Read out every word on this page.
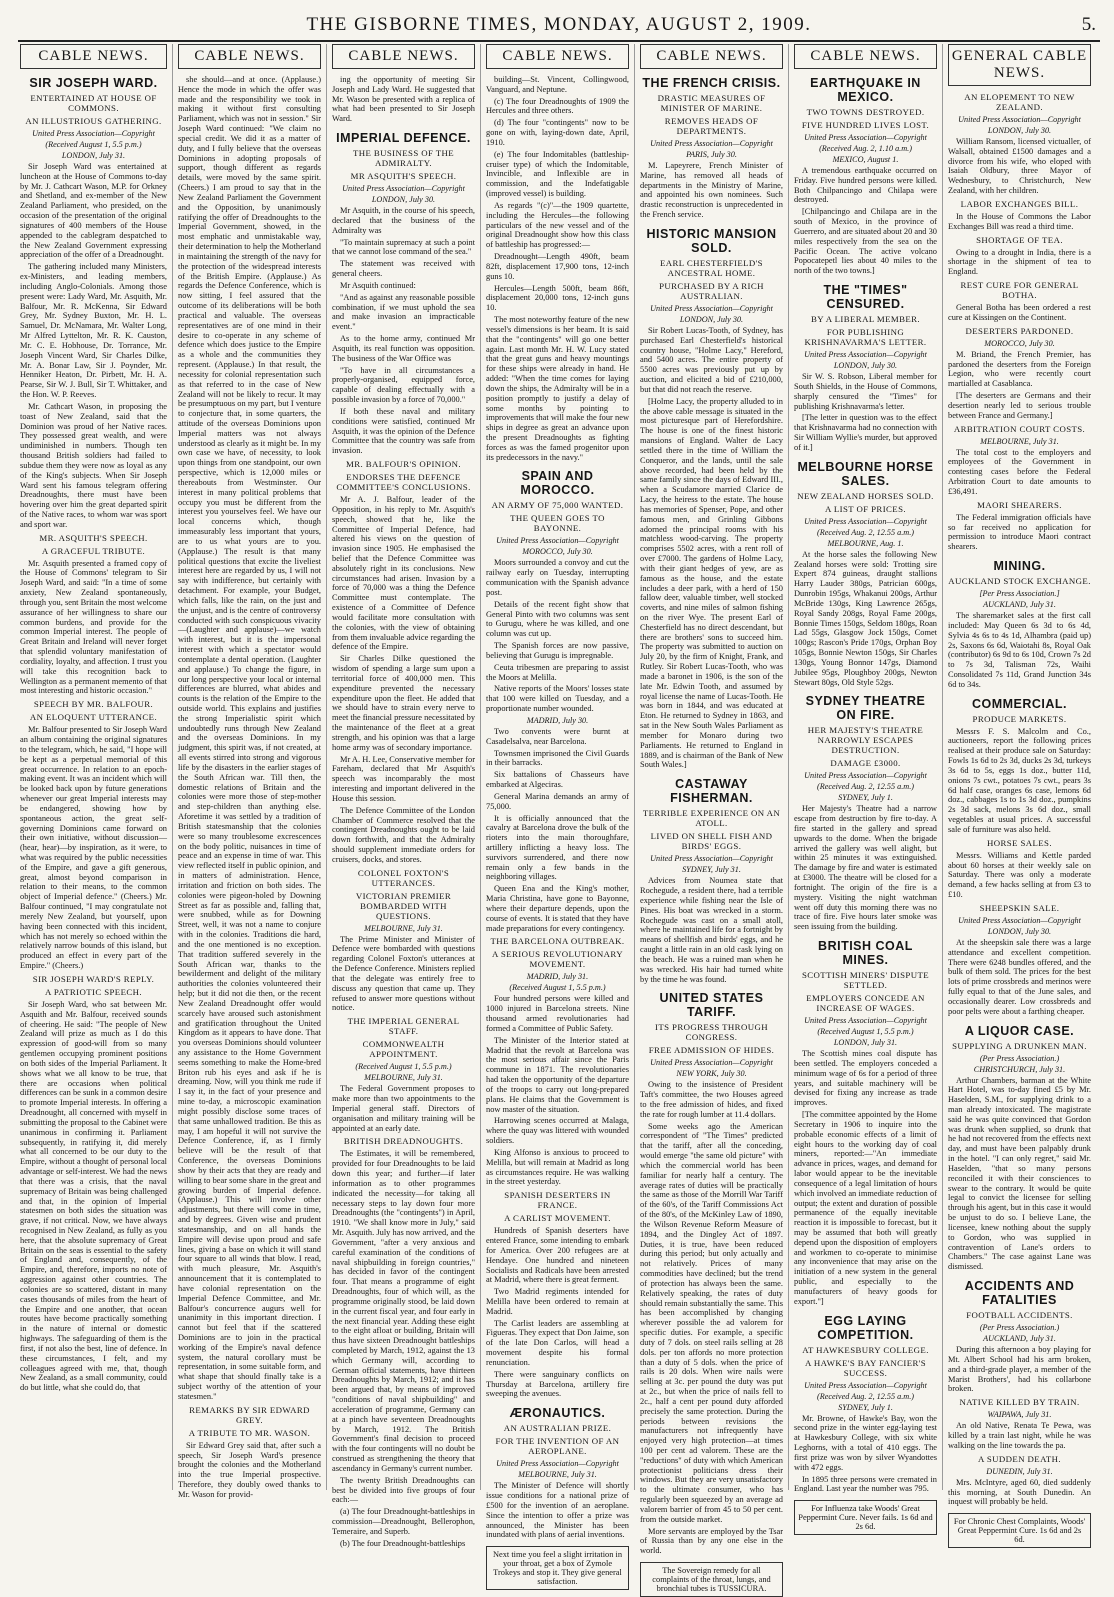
THE GISBORNE TIMES, MONDAY, AUGUST 2, 1909.	5.
CABLE NEWS.
SIR JOSEPH WARD.
ENTERTAINED AT HOUSE OF COMMONS.
AN ILLUSTRIOUS GATHERING.
United Press Association—Copyright
(Received August 1, 5.5 p.m.)
LONDON, July 31.

Sir Joseph Ward was entertained at luncheon at the House of Commons to-day by Mr. J. Cathcart Wason, M.P. for Orkney and Shetland, and ex-member of the New Zealand Parliament, who presided, on the occasion of the presentation of the original signatures of 400 members of the House appended to the cablegram despatched to the New Zealand Government expressing appreciation of the offer of a Dreadnought.

The gathering included many Ministers, ex-Ministers, and leading members, including Anglo-Colonials. Among those present were: Lady Ward, Mr. Asquith, Mr. Balfour, Mr. R. McKenna, Sir Edward Grey, Mr. Sydney Buxton, Mr. H. L. Samuel, Dr. McNamara, Mr. Walter Long, Mr Alfred Lyttelton, Mr. R. K. Causton, Mr. C. E. Hobhouse, Dr. Torrance, Mr. Joseph Vincent Ward, Sir Charles Dilke, Mr. A. Bonar Law, Sir J. Poynder, Mr. Henniker Heaton, Dr. Pirbett, Mr. H. A. Pearse, Sir W. J. Bull, Sir T. Whittaker, and the Hon. W. P. Reeves.

Mr. Cathcart Wason, in proposing the toast of New Zealand, said that the Dominion was proud of her Native races. They possessed great wealth, and were undiminished in numbers. Though ten thousand British soldiers had failed to subdue them they were now as loyal as any of the King's subjects. When Sir Joseph Ward sent his famous telegram offering Dreadnoughts, there must have been hovering over him the great departed spirit of the Native races, to whom war was sport and sport war.

MR. ASQUITH'S SPEECH.
A GRACEFUL TRIBUTE.

Mr. Asquith presented a framed copy of the House of Commons' telegram to Sir Joseph Ward, and said: "In a time of some anxiety, New Zealand spontaneously, through you, sent Britain the most welcome assurance of her willingness to share our common burdens, and provide for the common Imperial interest. The people of Great Britain and Ireland will never forget that splendid voluntary manifestation of cordiality, loyalty, and affection. I trust you will take this recognition back to Wellington as a permanent memento of that most interesting and historic occasion."

SPEECH BY MR. BALFOUR.
AN ELOQUENT UTTERANCE.

Mr. Balfour presented to Sir Joseph Ward an album containing the original signatures to the telegram, which, he said, "I hope will be kept as a perpetual memorial of this great occurrence. In relation to an epoch-making event. It was an incident which will be looked back upon by future generations whenever our great Imperial interests may be endangered, showing how by spontaneous action, the great self-governing Dominions came forward on their own initiative, without discussion—(hear, hear)—by inspiration, as it were, to what was required by the public necessities of the Empire, and gave a gift generous, great, almost beyond comparison in relation to their means, to the common object of Imperial defence." (Cheers.) Mr. Balfour continued, "I may congratulate not merely New Zealand, but yourself, upon having been connected with this incident, which has not merely so echoed within the relatively narrow bounds of this island, but produced an effect in every part of the Empire." (Cheers.)

SIR JOSEPH WARD'S REPLY.
A PATRIOTIC SPEECH.

Sir Joseph Ward, who sat between Mr. Asquith and Mr. Balfour, received sounds of cheering. He said: "The people of New Zealand will prize as much as I do this expression of good-will from so many gentlemen occupying prominent positions on both sides of the Imperial Parliament. It shows what we all know to be true, that there are occasions when political differences can be sunk in a common desire to promote Imperial interests. In offering a Dreadnought, all concerned with myself in submitting the proposal to the Cabinet were unanimous in confirming it. Parliament subsequently, in ratifying it, did merely what all concerned to be our duty to the Empire, without a thought of personal local advantage or self-interest. We had the news that there was a crisis, that the naval supremacy of Britain was being challenged and that, in the opinion of Imperial statesmen on both sides the situation was grave, if not critical. Now, we have always recognised in New Zealand, as fully as you here, that the absolute supremacy of Great Britain on the seas is essential to the safety of England and, consequently, of the Empire, and, therefore, imports no note of aggression against other countries. The colonies are so scattered, distant in many cases thousands of miles from the heart of the Empire and one another, that ocean routes have become practically something in the nature of internal or domestic highways. The safeguarding of them is the first, if not also the best, line of defence. In these circumstances, I felt, and my colleagues agreed with me, that, though New Zealand, as a small community, could do but little, what she could do, that

CABLE NEWS.

she should—and at once. (Applause.) Hence the mode in which the offer was made and the responsibility we took in making it without first consulting Parliament, which was not in session." Sir Joseph Ward continued: "We claim no special credit. We did it as a matter of duty, and I fully believe that the overseas Dominions in adopting proposals of support, though different as regards details, were moved by the same spirit. (Cheers.) I am proud to say that in the New Zealand Parliament the Government and the Opposition, by unanimously ratifying the offer of Dreadnoughts to the Imperial Government, showed, in the most emphatic and unmistakable way, their determination to help the Motherland in maintaining the strength of the navy for the protection of the widespread interests of the British Empire. (Applause.) As regards the Defence Conference, which is now sitting, I feel assured that the outcome of its deliberations will be both practical and valuable. The overseas representatives are of one mind in their desire to co-operate in any scheme of defence which does justice to the Empire as a whole and the communities they represent. (Applause.) In that result, the necessity for colonial representation such as that referred to in the case of New Zealand will not be likely to recur. It may be presumptuous on my part, but I venture to conjecture that, in some quarters, the attitude of the overseas Dominions upon Imperial matters was not always understood as clearly as it might be. In my own case we have, of necessity, to look upon things from one standpoint, our own perspective, which is 12,000 miles or thereabouts from Westminster. Our interest in many political problems that occupy you must be different from the interest you yourselves feel. We have our local concerns which, though immeasurably less important that yours, are to us what yours are to you. (Applause.) The result is that many political questions that excite the liveliest interest here are regarded by us, I will not say with indifference, but certainly with detachment. For example, your Budget, which falls, like the rain, on the just and the unjust, and is the centre of controversy conducted with such conspicuous vivacity—(Laughter and applause)—we watch with interest, but it is the impersonal interest with which a spectator would contemplate a dental operation. (Laughter and applause.) To change the figure, in our long perspective your local or internal differences are blurred, what abides and counts is the relation of the Empire to the outside world. This explains and justifies the strong Imperialistic spirit which undoubtedly runs through New Zealand and the overseas Dominions. In my judgment, this spirit was, if not created, at all events stirred into strong and vigorous life by the disasters in the earlier stages of the South African war. Till then, the domestic relations of Britain and the colonies were more those of step-mother and step-children than anything else. Aforetime it was settled by a tradition of British statesmanship that the colonies were so many troublesome excrescences on the body politic, nuisances in time of peace and an expense in time of war. This view reflected itself in public opinion, and in matters of administration. Hence, irritation and friction on both sides. The colonies were pigeon-holed by Downing Street as far as possible and, falling that, were snubbed, while as for Downing Street, well, it was not a name to conjure with in the colonies. Traditions die hard, and the one mentioned is no exception. That tradition suffered severely in the South African war, thanks to the bewilderment and delight of the military authorities the colonies volunteered their help; but it did not die then, or the recent New Zealand Dreadnought offer would scarcely have aroused such astonishment and gratification throughout the United Kingdom as it appears to have done. That you overseas Dominions should volunteer any assistance to the Home Government seems something to make the Home-bred Briton rub his eyes and ask if he is dreaming. Now, will you think me rude if I say it, in the fact of your presence and mine to-day, a microscopic examination might possibly disclose some traces of that same unhallowed tradition. Be this as may, I am hopeful it will not survive the Defence Conference, if, as I firmly believe will be the result of that Conference, the overseas Dominions show by their acts that they are ready and willing to bear some share in the great and growing burden of Imperial defence. (Applause.) This will involve other adjustments, but there will come in time, and by degrees. Given wise and prudent statesmanship, and on all hands the Empire will devise upon proud and safe lines, giving a base on which it will stand four square to all winds that blow. I read, with much pleasure, Mr. Asquith's announcement that it is contemplated to have colonial representation on the Imperial Defence Committee, and Mr. Balfour's concurrence augurs well for unanimity in this important direction. I cannot but feel that if the scattered Dominions are to join in the practical working of the Empire's naval defence system, the natural corollary must be representation, in some suitable form, and what shape that should finally take is a subject worthy of the attention of your statesmen."

REMARKS BY SIR EDWARD GREY.
A TRIBUTE TO MR. WASON.

Sir Edward Grey said that, after such a speech, Sir Joseph Ward's presence brought the colonies and the Motherland into the true Imperial prospective. Therefore, they doubly owed thanks to Mr. Wason for provid-

CABLE NEWS.

ing the opportunity of meeting Sir Joseph and Lady Ward. He suggested that Mr. Wason be presented with a replica of what had been presented to Sir Joseph Ward.

IMPERIAL DEFENCE.
THE BUSINESS OF THE ADMIRALTY.
MR ASQUITH'S SPEECH.
United Press Association—Copyright
LONDON, July 30.

Mr Asquith, in the course of his speech, declared that the business of the Admiralty was

"To maintain supremacy at such a point that we cannot lose command of the sea."

The statement was received with general cheers.

Mr Asquith continued:

"And as against any reasonable possible combination, if we must uphold the sea and make invasion an impracticable event."

As to the home army, continued Mr Asquith, its real function was opposition. The business of the War Office was

"To have in all circumstances a properly-organised, equipped force, capable of dealing effectually with a possible invasion by a force of 70,000."

If both these naval and military conditions were satisfied, continued Mr Asquith, it was the opinion of the Defence Committee that the country was safe from invasion.

MR. BALFOUR'S OPINION.
ENDORSES THE DEFENCE COMMITTEE'S CONCLUSIONS.

Mr A. J. Balfour, leader of the Opposition, in his reply to Mr. Asquith's speech, showed that he, like the Committee of Imperial Defence, had altered his views on the question of invasion since 1905. He emphasised the belief that the Defence Committee was absolutely right in its conclusions. New circumstances had arisen. Invasion by a force of 70,000 was a thing the Defence Committee must contemplate. The existence of a Committee of Defence would facilitate more consultation with the colonies, with the view of obtaining from them invaluable advice regarding the defence of the Empire.

Sir Charles Dilke questioned the wisdom of spending a large sum upon a territorial force of 400,000 men. This expenditure prevented the necessary expenditure upon the fleet. He added that we should have to strain every nerve to meet the financial pressure necessitated by the maintenance of the fleet at a great strength, and his opinion was that a large home army was of secondary importance.

Mr A. H. Lee, Conservative member for Fareham, declared that Mr Asquith's speech was incomparably the most interesting and important delivered in the House this session.

The Defence Committee of the London Chamber of Commerce resolved that the contingent Dreadnoughts ought to be laid down forthwith, and that the Admiralty should supplement immediate orders for cruisers, docks, and stores.

COLONEL FOXTON'S UTTERANCES.
VICTORIAN PREMIER BOMBARDED WITH QUESTIONS.
MELBOURNE, July 31.

The Prime Minister and Minister of Defence were bombarded with questions regarding Colonel Foxton's utterances at the Defence Conference. Ministers replied that the delegate was entirely free to discuss any question that came up. They refused to answer more questions without notice.

THE IMPERIAL GENERAL STAFF.
COMMONWEALTH APPOINTMENT.
(Received August 1, 5.5 p.m.)
MELBOURNE, July 31.

The Federal Government proposes to make more than two appointments to the Imperial general staff. Directors of organisation and military training will be appointed at an early date.

BRITISH DREADNOUGHTS.

The Estimates, it will be remembered, provided for four Dreadnoughts to be laid down this year; and further—if later information as to other programmes indicated the necessity—for taking all necessary steps to lay down four more Dreadnoughts (the "contingents") in April, 1910. "We shall know more in July," said Mr. Asquith. July has now arrived, and the Government, "after a very anxious and careful examination of the conditions of naval shipbuilding in foreign countries," has decided in favor of the contingent four. That means a programme of eight Dreadnoughts, four of which will, as the programme originally stood, be laid down in the current fiscal year, and four early in the next financial year. Adding these eight to the eight afloat or building, Britain will thus have sixteen Dreadnought battleships completed by March, 1912, against the 13 which Germany will, according to German official statements, have thirteen Dreadnoughts by March, 1912; and it has been argued that, by means of improved "conditions of naval shipbuilding" and acceleration of programme, Germany can at a pinch have seventeen Dreadnoughts by March, 1912. The British Government's final decision to proceed with the four contingents will no doubt be construed as strengthening the theory that ascendancy in Germany's current number.

The twenty British Dreadnoughts can best be divided into five groups of four each:—

(a) The four Dreadnought-battleships in commission—Dreadnought, Bellerophon, Temeraire, and Superb.

(b) The four Dreadnought-battleships

CABLE NEWS.

building—St. Vincent, Collingwood, Vanguard, and Neptune.

(c) The four Dreadnoughts of 1909 the Hercules and three others.

(d) The four "contingents" now to be gone on with, laying-down date, April, 1910.

(e) The four Indomitables (battleship-cruiser type) of which the Indomitable, Invincible, and Inflexible are in commission, and the Indefatigable (improved vessel) is building.

As regards "(c)"—the 1909 quartette, including the Hercules—the following particulars of the new vessel and of the original Dreadnought show how this class of battleship has progressed:—

Dreadnought—Length 490ft, beam 82ft, displacement 17,900 tons, 12-inch guns 10.

Hercules—Length 500ft, beam 86ft, displacement 20,000 tons, 12-inch guns 10.

The most noteworthy feature of the new vessel's dimensions is her beam. It is said that the "contingents" will go one better again. Last month Mr. H. W. Lucy stated that the great guns and heavy mountings for these ships were already in hand. He added: "When the time comes for laying down the ships, the Admiralty will be in a position promptly to justify a delay of some months by pointing to improvements that will make the four new ships in degree as great an advance upon the present Dreadnoughts as fighting forces as was the famed progenitor upon its predecessors in the navy."

SPAIN AND MOROCCO.
AN ARMY OF 75,000 WANTED.
THE QUEEN GOES TO BAYONNE.
United Press Association—Copyright
MOROCCO, July 30.

Moors surrounded a convoy and cut the railway early on Tuesday, interrupting communication with the Spanish advance post.

Details of the recent fight show that General Pinto with two columns was sent to Gurugu, where he was killed, and one column was cut up.

The Spanish forces are now passive, believing that Gurugu is impregnable.

Ceuta tribesmen are preparing to assist the Moors at Melilla.

Native reports of the Moors' losses state that 100 were killed on Tuesday, and a proportionate number wounded.

MADRID, July 30.

Two convents were burnt at Casadelsalva, near Barcelona.

Townsmen imprisoned the Civil Guards in their barracks.

Six battalions of Chasseurs have embarked at Algeciras.

General Marina demands an army of 75,000.

It is officially announced that the cavalry at Barcelona drove the bulk of the rioters into the main thoroughfare, artillery inflicting a heavy loss. The survivors surrendered, and there now remain only a few bands in the neighboring villages.

Queen Ena and the King's mother, Maria Christina, have gone to Bayonne, where their departure depends, upon the course of events. It is stated that they have made preparations for every contingency.

THE BARCELONA OUTBREAK.
A SERIOUS REVOLUTIONARY MOVEMENT.
MADRID, July 31.
(Received August 1, 5.5 p.m.)

Four hundred persons were killed and 1000 injured in Barcelona streets. Nine thousand armed revolutionaries had formed a Committee of Public Safety.

The Minister of the Interior stated at Madrid that the revolt at Barcelona was the most serious affair since the Paris commune in 1871. The revolutionaries had taken the opportunity of the departure of the troops to carry out long-prepared plans. He claims that the Government is now master of the situation.

Harrowing scenes occurred at Malaga, where the quay was littered with wounded soldiers.

King Alfonso is anxious to proceed to Melilla, but will remain at Madrid as long as circumstances require. He was walking in the street yesterday.

SPANISH DESERTERS IN FRANCE.
A CARLIST MOVEMENT.

Hundreds of Spanish deserters have entered France, some intending to embark for America. Over 200 refugees are at Hendaye. One hundred and nineteen Socialists and Radicals have been arrested at Madrid, where there is great ferment.

Two Madrid regiments intended for Melilla have been ordered to remain at Madrid.

The Carlist leaders are assembling at Figueras. They expect that Don Jaime, son of the late Don Carlos, will head a movement despite his formal renunciation.

There were sanguinary conflicts on Thursday at Barcelona, artillery fire sweeping the avenues.

ÆRONAUTICS.
AN AUSTRALIAN PRIZE.
FOR THE INVENTION OF AN AEROPLANE.
United Press Association—Copyright
MELBOURNE, July 31.

The Minister of Defence will shortly issue conditions for a national prize of £500 for the invention of an aeroplane. Since the intention to offer a prize was announced, the Minister has been inundated with plans of aerial inventions.

Next time you feel a slight irritation in your throat, get a box of Zymole Trokeys and stop it. They give general satisfaction.
CABLE NEWS.
THE FRENCH CRISIS.
DRASTIC MEASURES OF MINISTER OF MARINE.
REMOVES HEADS OF DEPARTMENTS.
United Press Association—Copyright
PARIS, July 30.

M. Lapeyrere, French Minister of Marine, has removed all heads of departments in the Ministry of Marine, and appointed his own nominees. Such drastic reconstruction is unprecedented in the French service.

HISTORIC MANSION SOLD.
EARL CHESTERFIELD'S ANCESTRAL HOME.
PURCHASED BY A RICH AUSTRALIAN.
United Press Association—Copyright
LONDON, July 30.

Sir Robert Lucas-Tooth, of Sydney, has purchased Earl Chesterfield's historical country house, "Holme Lacy," Hereford, and 5400 acres. The entire property of 5500 acres was previously put up by auction, and elicited a bid of £210,000, but that did not reach the reserve.

[Holme Lacy, the property alluded to in the above cable message is situated in the most picturesque part of Herefordshire. The house is one of the finest historic mansions of England. Walter de Lacy settled there in the time of William the Conqueror, and the lands, until the sale above recorded, had been held by the same family since the days of Edward III., when a Scudamore married Clarice de Lacy, the heiress to the estate. The house has memories of Spenser, Pope, and other famous men, and Grinling Gibbons adorned the principal rooms with his matchless wood-carving. The property comprises 5502 acres, with a rent roll of over £7000. The gardens of Holme Lacy, with their giant hedges of yew, are as famous as the house, and the estate includes a deer park, with a herd of 150 fallow deer, valuable timber, well stocked coverts, and nine miles of salmon fishing on the river Wye. The present Earl of Chesterfield has no direct descendant, but there are brothers' sons to succeed him. The property was submitted to auction on July 20, by the firm of Knight, Frank, and Rutley. Sir Robert Lucas-Tooth, who was made a baronet in 1906, is the son of the late Mr. Edwin Tooth, and assumed by royal license the name of Lucas-Tooth. He was born in 1844, and was educated at Eton. He returned to Sydney in 1863, and sat in the New South Wales Parliament as member for Monaro during two Parliaments. He returned to England in 1889, and is chairman of the Bank of New South Wales.]

CASTAWAY FISHERMAN.
TERRIBLE EXPERIENCE ON AN ATOLL.
LIVED ON SHELL FISH AND BIRDS' EGGS.
United Press Association—Copyright
SYDNEY, July 31.

Advices from Noumea state that Rochegude, a resident there, had a terrible experience while fishing near the Isle of Pines. His boat was wrecked in a storm. Rochegude was cast on a small atoll, where he maintained life for a fortnight by means of shellfish and birds' eggs, and he caught a little rain in an old cask lying on the beach. He was a ruined man when he was wrecked. His hair had turned white by the time he was found.

UNITED STATES TARIFF.
ITS PROGRESS THROUGH CONGRESS.
FREE ADMISSION OF HIDES.
United Press Association—Copyright
NEW YORK, July 30.

Owing to the insistence of President Taft's committee, the two Houses agreed to the free admission of hides, and fixed the rate for rough lumber at 11.4 dollars.

Some weeks ago the American correspondent of "The Times" predicted that the tariff, after all the conceding, would emerge "the same old picture" with which the commercial world has been familiar for nearly half a century. The average rates of duties will be practically the same as those of the Morrill War Tariff of the 60's, of the Tariff Commissions Act of the 80's, of the McKinley Law of 1890, the Wilson Revenue Reform Measure of 1894, and the Dingley Act of 1897. Duties, it is true, have been reduced during this period; but only actually and not relatively. Prices of many commodities have declined; but the trend of protection has always been the same. Relatively speaking, the rates of duty should remain substantially the same. This has been accomplished by changing wherever possible the ad valorem for specific duties. For example, a specific duty of 7 dols. on steel rails selling at 28 dols. per ton affords no more protection than a duty of 5 dols. when the price of rails is 20 dols. When wire nails were selling at 3c. per pound the duty was put at 2c., but when the price of nails fell to 2c., half a cent per pound duty afforded precisely the same protection. During the periods between revisions the manufacturers not infrequently have enjoyed very high protection—at times 100 per cent ad valorem. These are the "reductions" of duty with which American protectionist politicians dress their windows. But they are very unsatisfactory to the ultimate consumer, who has regularly been squeezed by an average ad valorem barrier of from 45 to 50 per cent. from the outside market.

More servants are employed by the Tsar of Russia than by any one else in the world.

The Sovereign remedy for all complaints of the throat, lungs, and bronchial tubes is TUSSICURA.
CABLE NEWS.
EARTHQUAKE IN MEXICO.
TWO TOWNS DESTROYED.
FIVE HUNDRED LIVES LOST.
United Press Association—Copyright
(Received Aug. 2, 1.10 a.m.)
MEXICO, August 1.

A tremendous earthquake occurred on Friday. Five hundred persons were killed. Both Chilpancingo and Chilapa were destroyed.

[Chilpancingo and Chilapa are in the south of Mexico, in the province of Guerrero, and are situated about 20 and 30 miles respectively from the sea on the Pacific Ocean. The active volcano Popocatepetl lies about 40 miles to the north of the two towns.]

THE "TIMES" CENSURED.
BY A LIBERAL MEMBER.
FOR PUBLISHING KRISHNAVARMA'S LETTER.
United Press Association—Copyright
LONDON, July 30.

Sir W. S. Robson, Liberal member for South Shields, in the House of Commons, sharply censured the "Times" for publishing Krishnavarma's letter.

[The letter in question was to the effect that Krishnavarma had no connection with Sir William Wyllie's murder, but approved of it.]

MELBOURNE HORSE SALES.
NEW ZEALAND HORSES SOLD.
A LIST OF PRICES.
United Press Association—Copyright
(Received Aug. 2, 12.55 a.m.)
MELBOURNE, Aug. 1.

At the horse sales the following New Zealand horses were sold: Trotting sire Expert 874 guineas, draught stallions Harry Lauder 380gs, Patrician 600gs, Dunrobin 195gs, Whakanui 200gs, Arthur McBride 130gs, King Lawrence 265gs, Royal Sandy 208gs, Royal Fame 200gs, Bonnie Times 150gs, Seldom 180gs, Roan Lad 55gs, Glasgow Jock 150gs, Comet 100gs; Rascon's Pride 170gs, Orphan Boy 105gs, Bonnie Newton 150gs, Sir Charles 130gs, Young Bonnor 147gs, Diamond Jubilee 95gs, Ploughboy 200gs, Newton Stewart 80gs, Old Style 52gs.

SYDNEY THEATRE ON FIRE.
HER MAJESTY'S THEATRE NARROWLY ESCAPES DESTRUCTION.
DAMAGE £3000.
United Press Association—Copyright
(Received Aug. 2, 12.55 a.m.)
SYDNEY, July 1.

Her Majesty's Theatre had a narrow escape from destruction by fire to-day. A fire started in the gallery and spread upwards to the dome. When the brigade arrived the gallery was well alight, but within 25 minutes it was extinguished. The damage by fire and water is estimated at £3000. The theatre will be closed for a fortnight. The origin of the fire is a mystery. Visiting the night watchman went off duty this morning there was no trace of fire. Five hours later smoke was seen issuing from the building.

BRITISH COAL MINES.
SCOTTISH MINERS' DISPUTE SETTLED.
EMPLOYERS CONCEDE AN INCREASE OF WAGES.
United Press Association—Copyright
(Received August 1, 5.5 p.m.)
LONDON, July 31.

The Scottish mines coal dispute has been settled. The employers conceded a minimum wage of 6s for a period of three years, and suitable machinery will be devised for fixing any increase as trade improves.

[The committee appointed by the Home Secretary in 1906 to inquire into the probable economic effects of a limit of eight hours to the working day of coal miners, reported:—"An immediate advance in prices, wages, and demand for labor would appear to be the inevitable consequence of a legal limitation of hours which involved an immediate reduction of output; the extent and duration of possible permanence of the equally inevitable reaction it is impossible to forecast, but it may be assumed that both will greatly depend upon the disposition of employers and workmen to co-operate to minimise any inconvenience that may arise on the initiation of a new system in the general public, and especially to the manufacturers of heavy goods for export."]

EGG LAYING COMPETITION.
AT HAWKESBURY COLLEGE.
A HAWKE'S BAY FANCIER'S SUCCESS.
United Press Association—Copyright
(Received Aug. 2, 12.55 a.m.)
SYDNEY, July 1.

Mr. Browne, of Hawke's Bay, won the second prize in the winter egg-laying test at Hawkesbury College, with six white Leghorns, with a total of 410 eggs. The first prize was won by silver Wyandottes with 472 eggs.

In 1895 three persons were cremated in England. Last year the number was 795.

For Influenza take Woods' Great Peppermint Cure. Never fails. 1s 6d and 2s 6d.
GENERAL CABLE NEWS.
AN ELOPEMENT TO NEW ZEALAND.
United Press Association—Copyright
LONDON, July 30.

William Ransom, licensed victualler, of Walsall, obtained £1500 damages and a divorce from his wife, who eloped with Isaiah Oldbury, three Mayor of Wednesbury, to Christchurch, New Zealand, with her children.

LABOR EXCHANGES BILL.

In the House of Commons the Labor Exchanges Bill was read a third time.

SHORTAGE OF TEA.

Owing to a drought in India, there is a shortage in the shipment of tea to England.

REST CURE FOR GENERAL BOTHA.

General Botha has been ordered a rest cure at Kissingen on the Continent.

DESERTERS PARDONED.
MOROCCO, July 30.

M. Briand, the French Premier, has pardoned the deserters from the Foreign Legion, who were recently court martialled at Casablanca.

[The deserters are Germans and their desertion nearly led to serious trouble between France and Germany.]

ARBITRATION COURT COSTS.
MELBOURNE, July 31.

The total cost to the employers and employees of the Government in contesting cases before the Federal Arbitration Court to date amounts to £36,491.

MAORI SHEARERS.

The Federal immigration officials have so far received no application for permission to introduce Maori contract shearers.

MINING.
AUCKLAND STOCK EXCHANGE.
[Per Press Association.]
AUCKLAND, July 31.

The sharemarket sales at the first call included: May Queen 6s 3d to 6s 4d, Sylvia 4s 6s to 4s 1d, Alhambra (paid up) 2s, Saxons 6s 6d, Waiotahi 8s, Royal Oak (contributor) 6s 9d to 6s 10d, Crown 7s 2d to 7s 3d, Talisman 72s, Waihi Consolidated 7s 11d, Grand Junction 34s 6d to 34s.

COMMERCIAL.
PRODUCE MARKETS.

Messrs F. S. Malcolm and Co., auctioneers, report the following prices realised at their produce sale on Saturday: Fowls 1s 6d to 2s 3d, ducks 2s 3d, turkeys 3s 6d to 5s, eggs 1s doz., butter 11d, onions 7s cwt., potatoes 7s cwt., pears 3s 6d half case, oranges 6s case, lemons 6d doz., cabbages 1s to 1s 3d doz., pumpkins 2s 3d sack, melons 3s 6d doz., small vegetables at usual prices. A successful sale of furniture was also held.

HORSE SALES.

Messrs. Williams and Kettle parded about 60 horses at their weekly sale on Saturday. There was only a moderate demand, a few hacks selling at from £3 to £10.

SHEEPSKIN SALE.
United Press Association—Copyright
LONDON, July 30.

At the sheepskin sale there was a large attendance and excellent competition. There were 6248 bundles offered, and the bulk of them sold. The prices for the best lots of prime crossbreds and merinos were fully equal to that of the June sales, and occasionally dearer. Low crossbreds and poor pelts were about a farthing cheaper.

A LIQUOR CASE.
SUPPLYING A DRUNKEN MAN.
(Per Press Association.)
CHRISTCHURCH, July 31.

Arthur Chambers, barman at the White Hart Hotel, was to-day fined £5 by Mr. Haselden, S.M., for supplying drink to a man already intoxicated. The magistrate said he was quite convinced that Gordon was drunk when supplied, so drunk that he had not recovered from the effects next day, and must have been palpably drunk in the hotel. "I can only regret," said Mr. Haselden, "that so many persons reconciled it with their consciences to swear to the contrary. It would be quite legal to convict the licensee for selling through his agent, but in this case it would be unjust to do so. I believe Lane, the licensee, knew nothing about the supply to Gordon, who was supplied in contravention of Lane's orders to Chambers." The case against Lane was dismissed.

ACCIDENTS AND FATALITIES
FOOTBALL ACCIDENTS.
(Per Press Association.)
AUCKLAND, July 31.

During this afternoon a boy playing for Mt. Albert School had his arm broken, and a third-grade player, a member of the Marist Brothers', had his collarbone broken.

NATIVE KILLED BY TRAIN.
WAIPAWA, July 31.

An old Native, Renata Te Pewa, was killed by a train last night, while he was walking on the line towards the pa.

A SUDDEN DEATH.
DUNEDIN, July 31.

Mrs. McIntyre, aged 60, died suddenly this morning, at South Dunedin. An inquest will probably be held.

For Chronic Chest Complaints, Woods' Great Peppermint Cure. 1s 6d and 2s 6d.
